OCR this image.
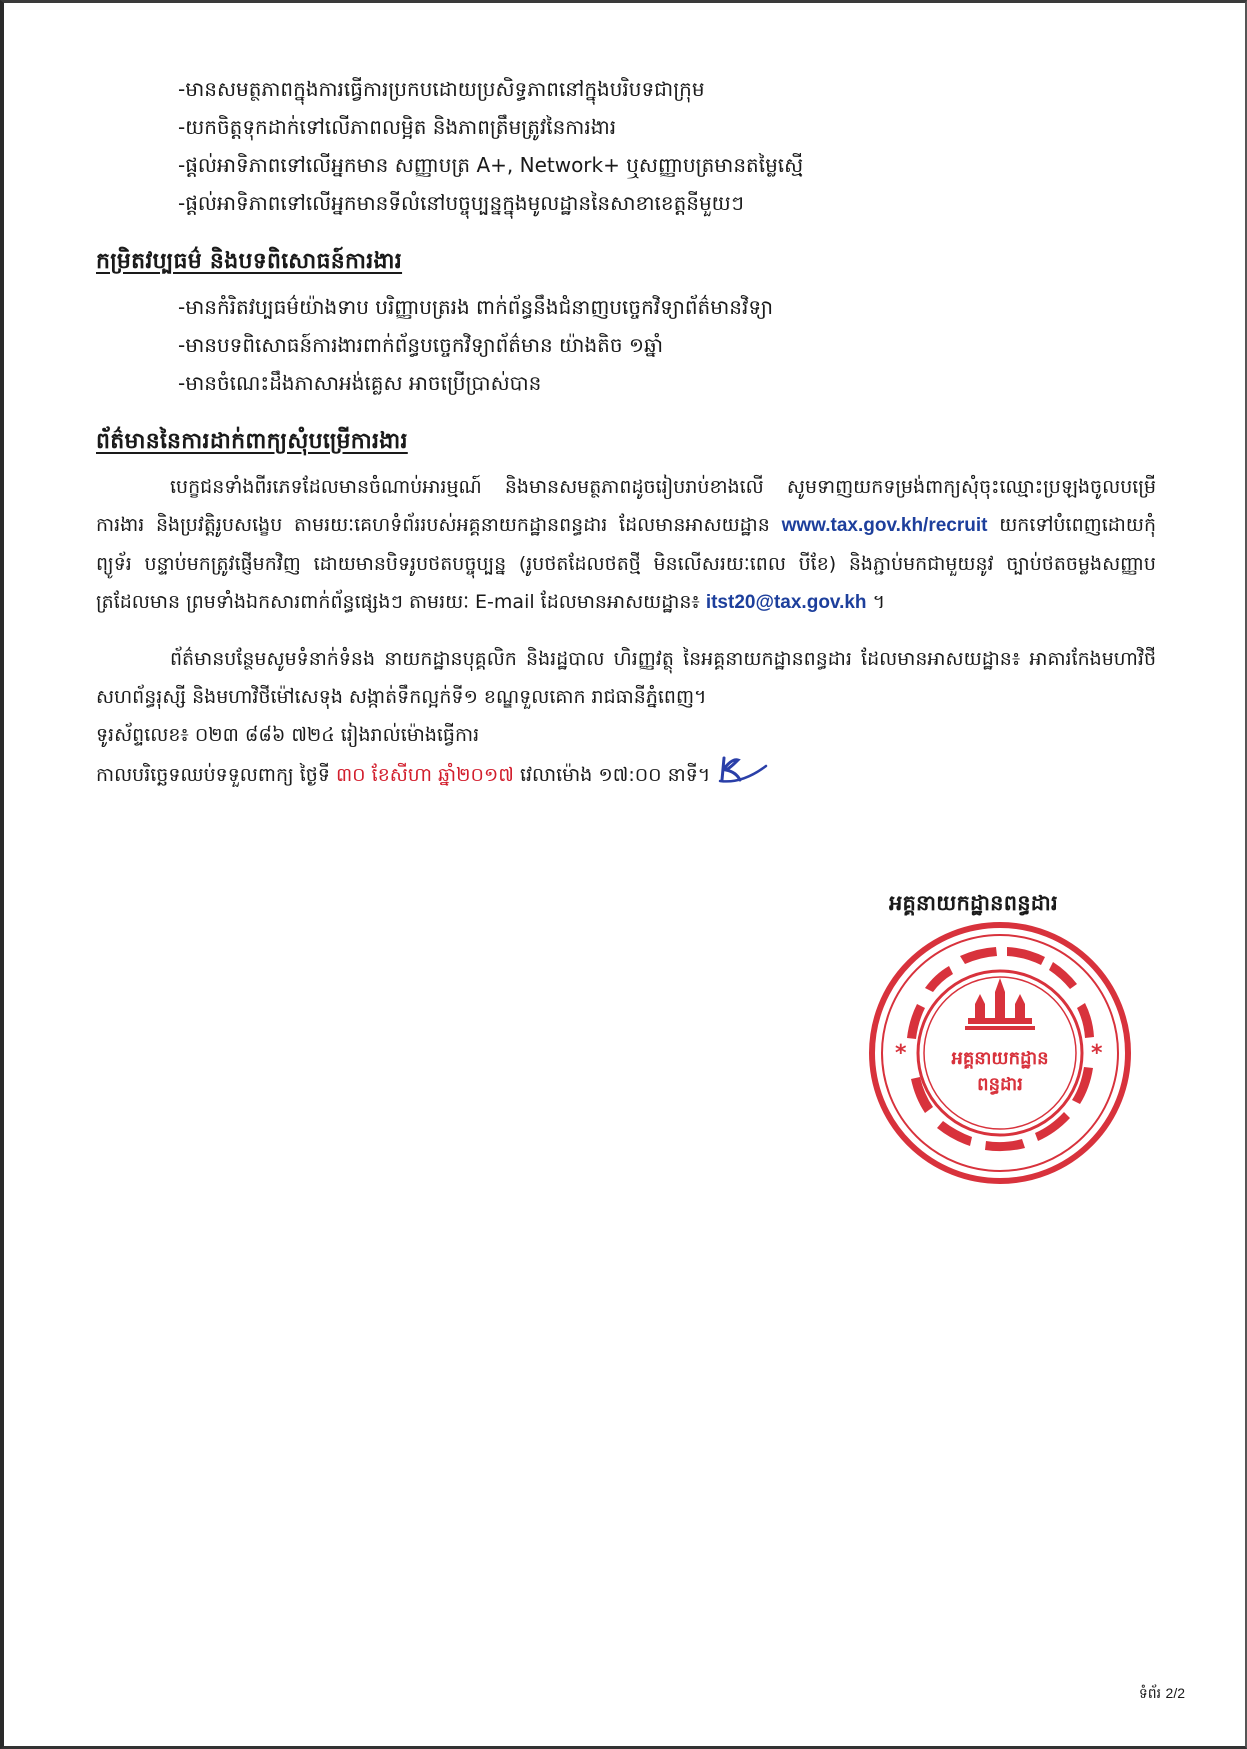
-មានសមត្ថភាពក្នុងការធ្វើការប្រកបដោយប្រសិទ្ធភាពនៅក្នុងបរិបទជាក្រុម
-យកចិត្តទុកដាក់ទៅលើភាពលម្អិត និងភាពត្រឹមត្រូវនៃការងារ
-ផ្តល់អាទិភាពទៅលើអ្នកមាន សញ្ញាបត្រ A+, Network+ ឬសញ្ញាបត្រមានតម្លៃស្មើ
-ផ្តល់អាទិភាពទៅលើអ្នកមានទីលំនៅបច្ចុប្បន្នក្នុងមូលដ្ឋាននៃសាខាខេត្តនីមួយៗ
កម្រិតវប្បធម៌ និងបទពិសោធន៍ការងារ
-មានកំរិតវប្បធម៌យ៉ាងទាប បរិញ្ញាបត្ររង ពាក់ព័ន្ធនឹងជំនាញបច្ចេកវិទ្យាព័ត៌មានវិទ្យា
-មានបទពិសោធន៍ការងារពាក់ព័ន្ធបច្ចេកវិទ្យាព័ត៌មាន យ៉ាងតិច ១ឆ្នាំ
-មានចំណេះដឹងភាសាអង់គ្លេស អាចប្រើប្រាស់បាន
ព័ត៌មាននៃការដាក់ពាក្យសុំបម្រើការងារ
បេក្ខជនទាំងពីរភេទដែលមានចំណាប់អារម្មណ៍ និងមានសមត្ថភាពដូចរៀបរាប់ខាងលើ សូមទាញយកទម្រង់ពាក្យសុំចុះឈ្មោះប្រឡងចូលបម្រើការងារ និងប្រវត្តិរូបសង្ខេប តាមរយៈគេហទំព័ររបស់អគ្គនាយកដ្ឋានពន្ធដារ ដែលមានអាសយដ្ឋាន www.tax.gov.kh/recruit យកទៅបំពេញដោយកុំព្យូទ័រ បន្ទាប់មកត្រូវផ្ញើមកវិញ ដោយមានបិទរូបថតបច្ចុប្បន្ន (រូបថតដែលថតថ្មី មិនលើសរយៈពេល បីខែ) និងភ្ជាប់មកជាមួយនូវ ច្បាប់ថតចម្លងសញ្ញាបត្រដែលមាន ព្រមទាំងឯកសារពាក់ព័ន្ធផ្សេងៗ តាមរយៈ E-mail ដែលមានអាសយដ្ឋាន៖ itst20@tax.gov.kh ។
ព័ត៌មានបន្ថែមសូមទំនាក់ទំនង នាយកដ្ឋានបុគ្គលិក និងរដ្ឋបាល ហិរញ្ញវត្ថុ នៃអគ្គនាយកដ្ឋានពន្ធដារ ដែលមានអាសយដ្ឋាន៖ អាគារកែងមហាវិថីសហព័ន្ធរុស្សី និងមហាវិថីម៉ៅសេទុង សង្កាត់ទឹកល្អក់ទី១ ខណ្ឌទួលគោក រាជធានីភ្នំពេញ។
ទូរស័ព្ទលេខ៖ ០២៣ ៨៨៦ ៧២៤ រៀងរាល់ម៉ោងធ្វើការ
កាលបរិច្ឆេទឈប់ទទួលពាក្យ ថ្ងៃទី ៣០ ខែសីហា ឆ្នាំ២០១៧ វេលាម៉ោង ១៧:០០ នាទី។
អគ្គនាយកដ្ឋានពន្ធដារ
*	*
អគ្គនាយកដ្ឋាន
ពន្ធដារ
ទំព័រ 2/2
